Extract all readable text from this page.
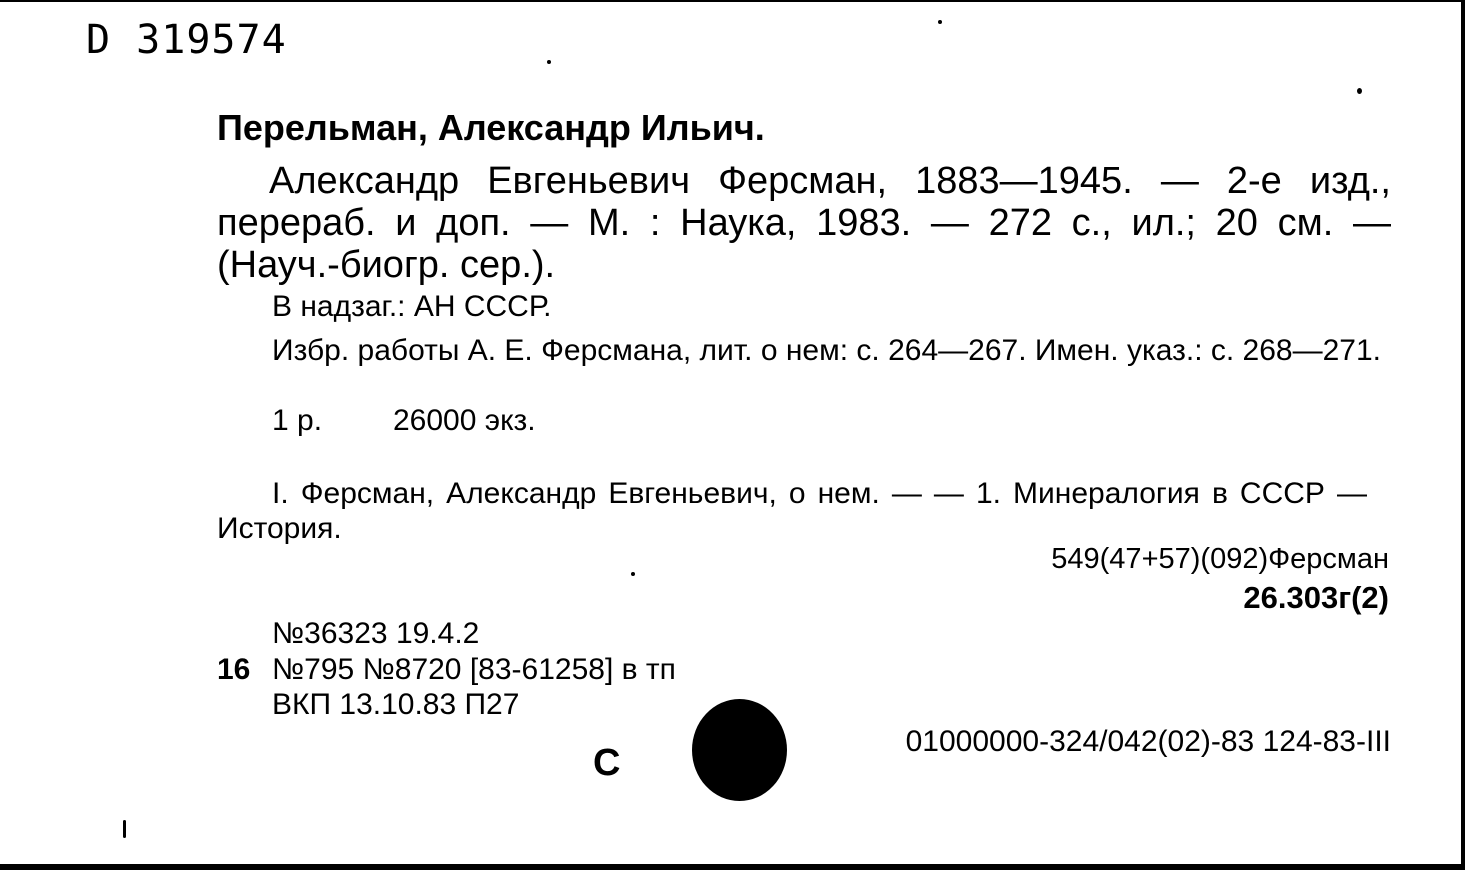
D 319574
Перельман, Александр Ильич.
Александр Евгеньевич Ферсман, 1883—1945. — 2-е изд., перераб. и доп. — М. : Наука, 1983. — 272 с., ил.; 20 см. — (Науч.-биогр. сер.).
В надзаг.: АН СССР.
Избр. работы А. Е. Ферсмана, лит. о нем: с. 264—267. Имен. указ.: с. 268—271.
1 р. 26000 экз.
I. Ферсман, Александр Евгеньевич, о нем. — — 1. Минералогия в СССР — История.
549(47+57)(092)Ферсман
26.303г(2)
№36323 19.4.2
16 №795 №8720 [83-61258] в тп
ВКП 13.10.83 П27
С
01000000-324/042(02)-83 124-83-III
